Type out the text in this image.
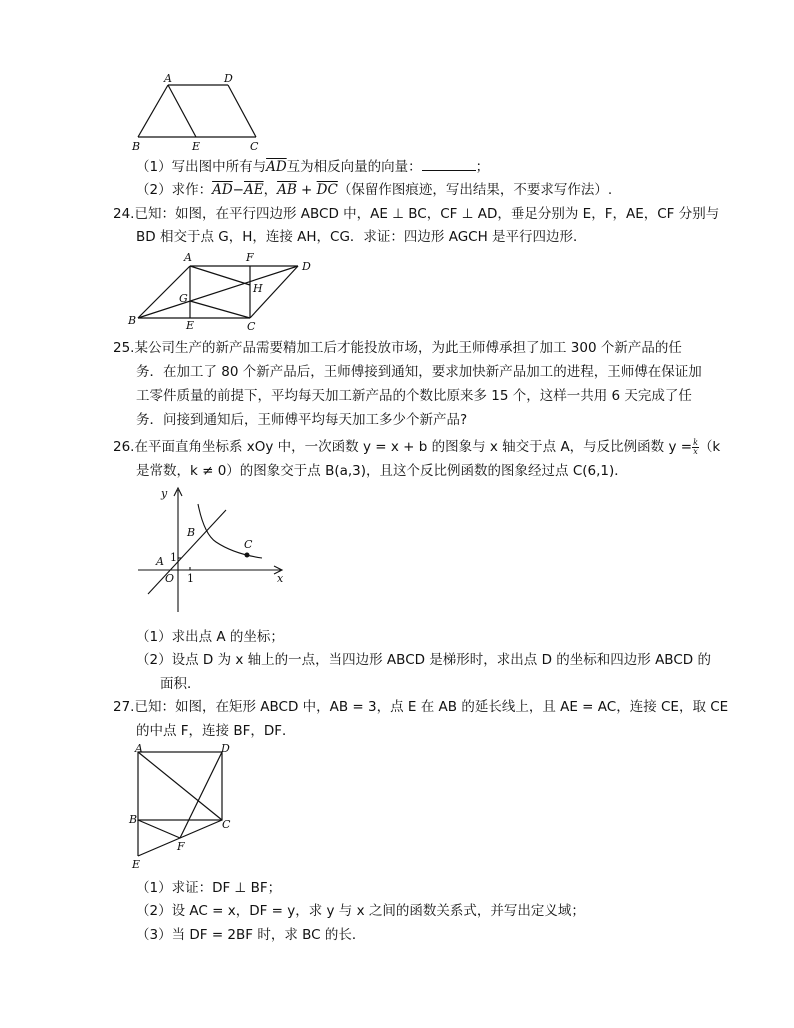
A	D
B	E	C
（1）写出图中所有与$\overline{AD}$互为相反向量的向量：	；
（2）求作：$\overline{AD}-\overline{AE}$，$\overline{AB} + \overline{DC}$（保留作图痕迹，写出结果，不要求写作法）.
24.已知：如图，在平行四边形 ABCD 中，AE ⊥ BC，CF ⊥ AD，垂足分别为 E，F，AE，CF 分别与
BD 相交于点 G，H，连接 AH，CG．求证：四边形 AGCH 是平行四边形．
A	F
D
G
H
B	E	C
25.某公司生产的新产品需要精加工后才能投放市场，为此王师傅承担了加工 300 个新产品的任
务．在加工了 80 个新产品后，王师傅接到通知，要求加快新产品加工的进程，王师傅在保证加
工零件质量的前提下，平均每天加工新产品的个数比原来多 15 个，这样一共用 6 天完成了任
务．问接到通知后，王师傅平均每天加工多少个新产品?
26.在平面直角坐标系 xOy 中，一次函数 y = x + b 的图象与 x 轴交于点 A，与反比例函数 $y = \frac{k}{x} (k$
是常数，k ≠ 0）的图象交于点 B(a,3)，且这个反比例函数的图象经过点 C(6,1)．
y
x
B
C
A
O
1
1
（1）求出点 A 的坐标；
（2）设点 D 为 x 轴上的一点，当四边形 ABCD 是梯形时，求出点 D 的坐标和四边形 ABCD 的
面积．
27.已知：如图，在矩形 ABCD 中，AB = 3，点 E 在 AB 的延长线上，且 AE = AC，连接 CE，取 CE
的中点 F，连接 BF，DF．
A	D
B	C
F
E
（1）求证：DF ⊥ BF；
（2）设 AC = x，DF = y，求 y 与 x 之间的函数关系式，并写出定义域；
（3）当 DF = 2BF 时，求 BC 的长．
